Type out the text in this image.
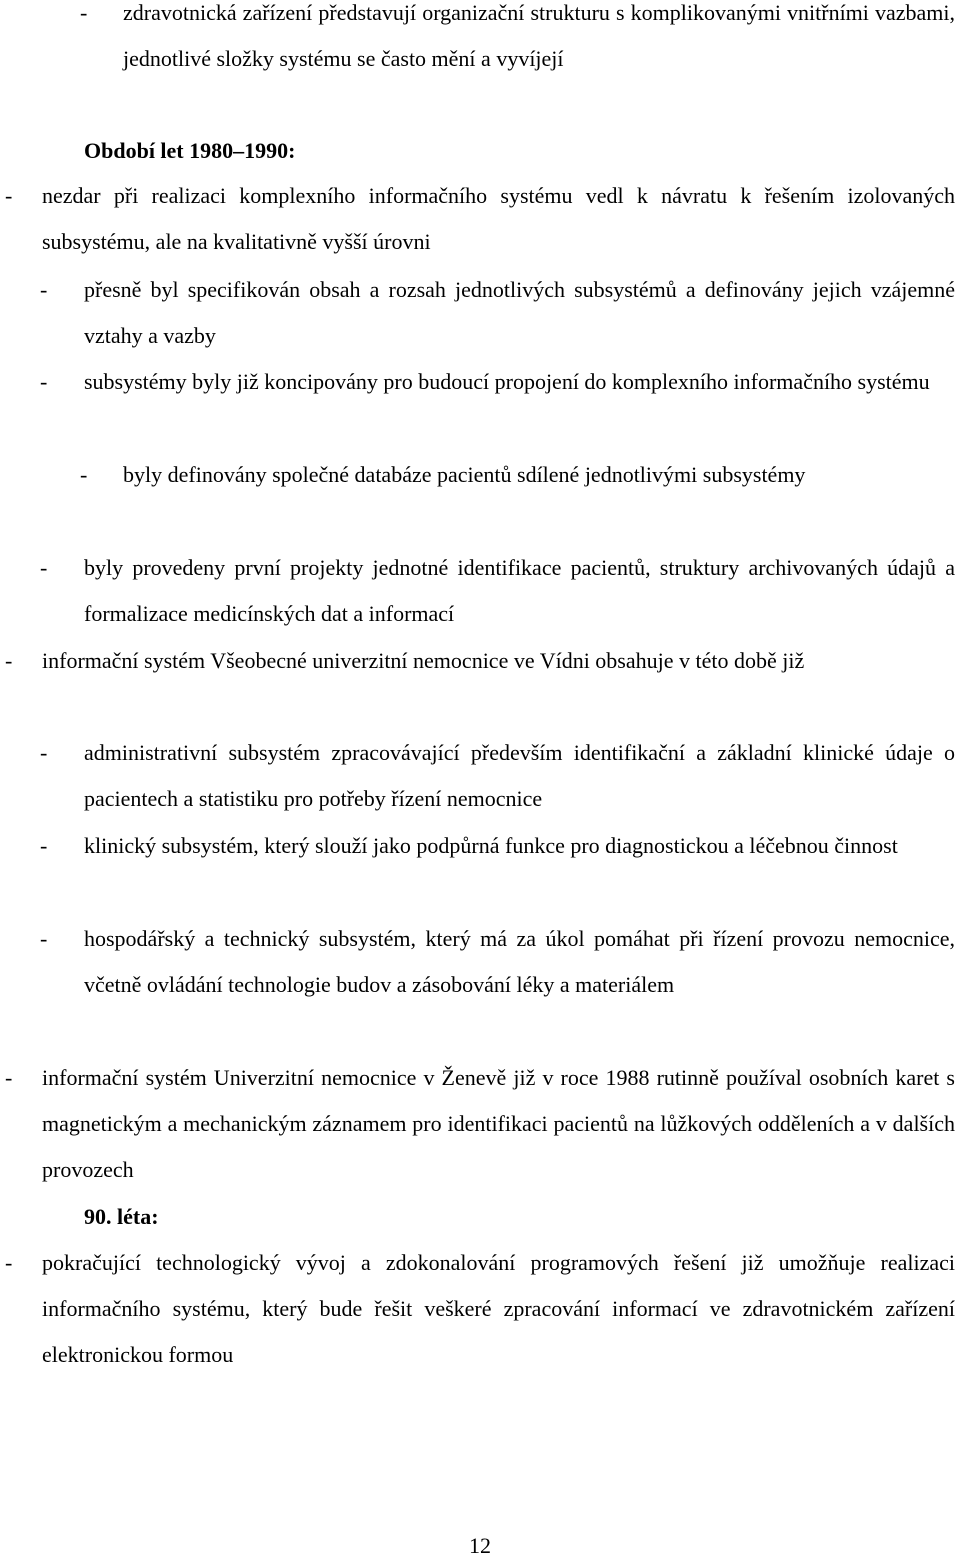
- zdravotnická zařízení představují organizační strukturu s komplikovanými vnitřními vazbami, jednotlivé složky systému se často mění a vyvíjejí
Období let 1980–1990:
- nezdar při realizaci komplexního informačního systému vedl k návratu k řešením izolovaných subsystému, ale na kvalitativně vyšší úrovni
- přesně byl specifikován obsah a rozsah jednotlivých subsystémů a definovány jejich vzájemné vztahy a vazby
- subsystémy byly již koncipovány pro budoucí propojení do komplexního informačního systému
- byly definovány společné databáze pacientů sdílené jednotlivými subsystémy
- byly provedeny první projekty jednotné identifikace pacientů, struktury archivovaných údajů a formalizace medicínských dat a informací
- informační systém Všeobecné univerzitní nemocnice ve Vídni obsahuje v této době již
- administrativní subsystém zpracovávající především identifikační a základní klinické údaje o pacientech a statistiku pro potřeby řízení nemocnice
- klinický subsystém, který slouží jako podpůrná funkce pro diagnostickou a léčebnou činnost
- hospodářský a technický subsystém, který má za úkol pomáhat při řízení provozu nemocnice, včetně ovládání technologie budov a zásobování léky a materiálem
- informační systém Univerzitní nemocnice v Ženevě již v roce 1988 rutinně používal osobních karet s magnetickým a mechanickým záznamem pro identifikaci pacientů na lůžkových odděleních a v dalších provozech
90. léta:
- pokračující technologický vývoj a zdokonalování programových řešení již umožňuje realizaci informačního systému, který bude řešit veškeré zpracování informací ve zdravotnickém zařízení elektronickou formou
12
